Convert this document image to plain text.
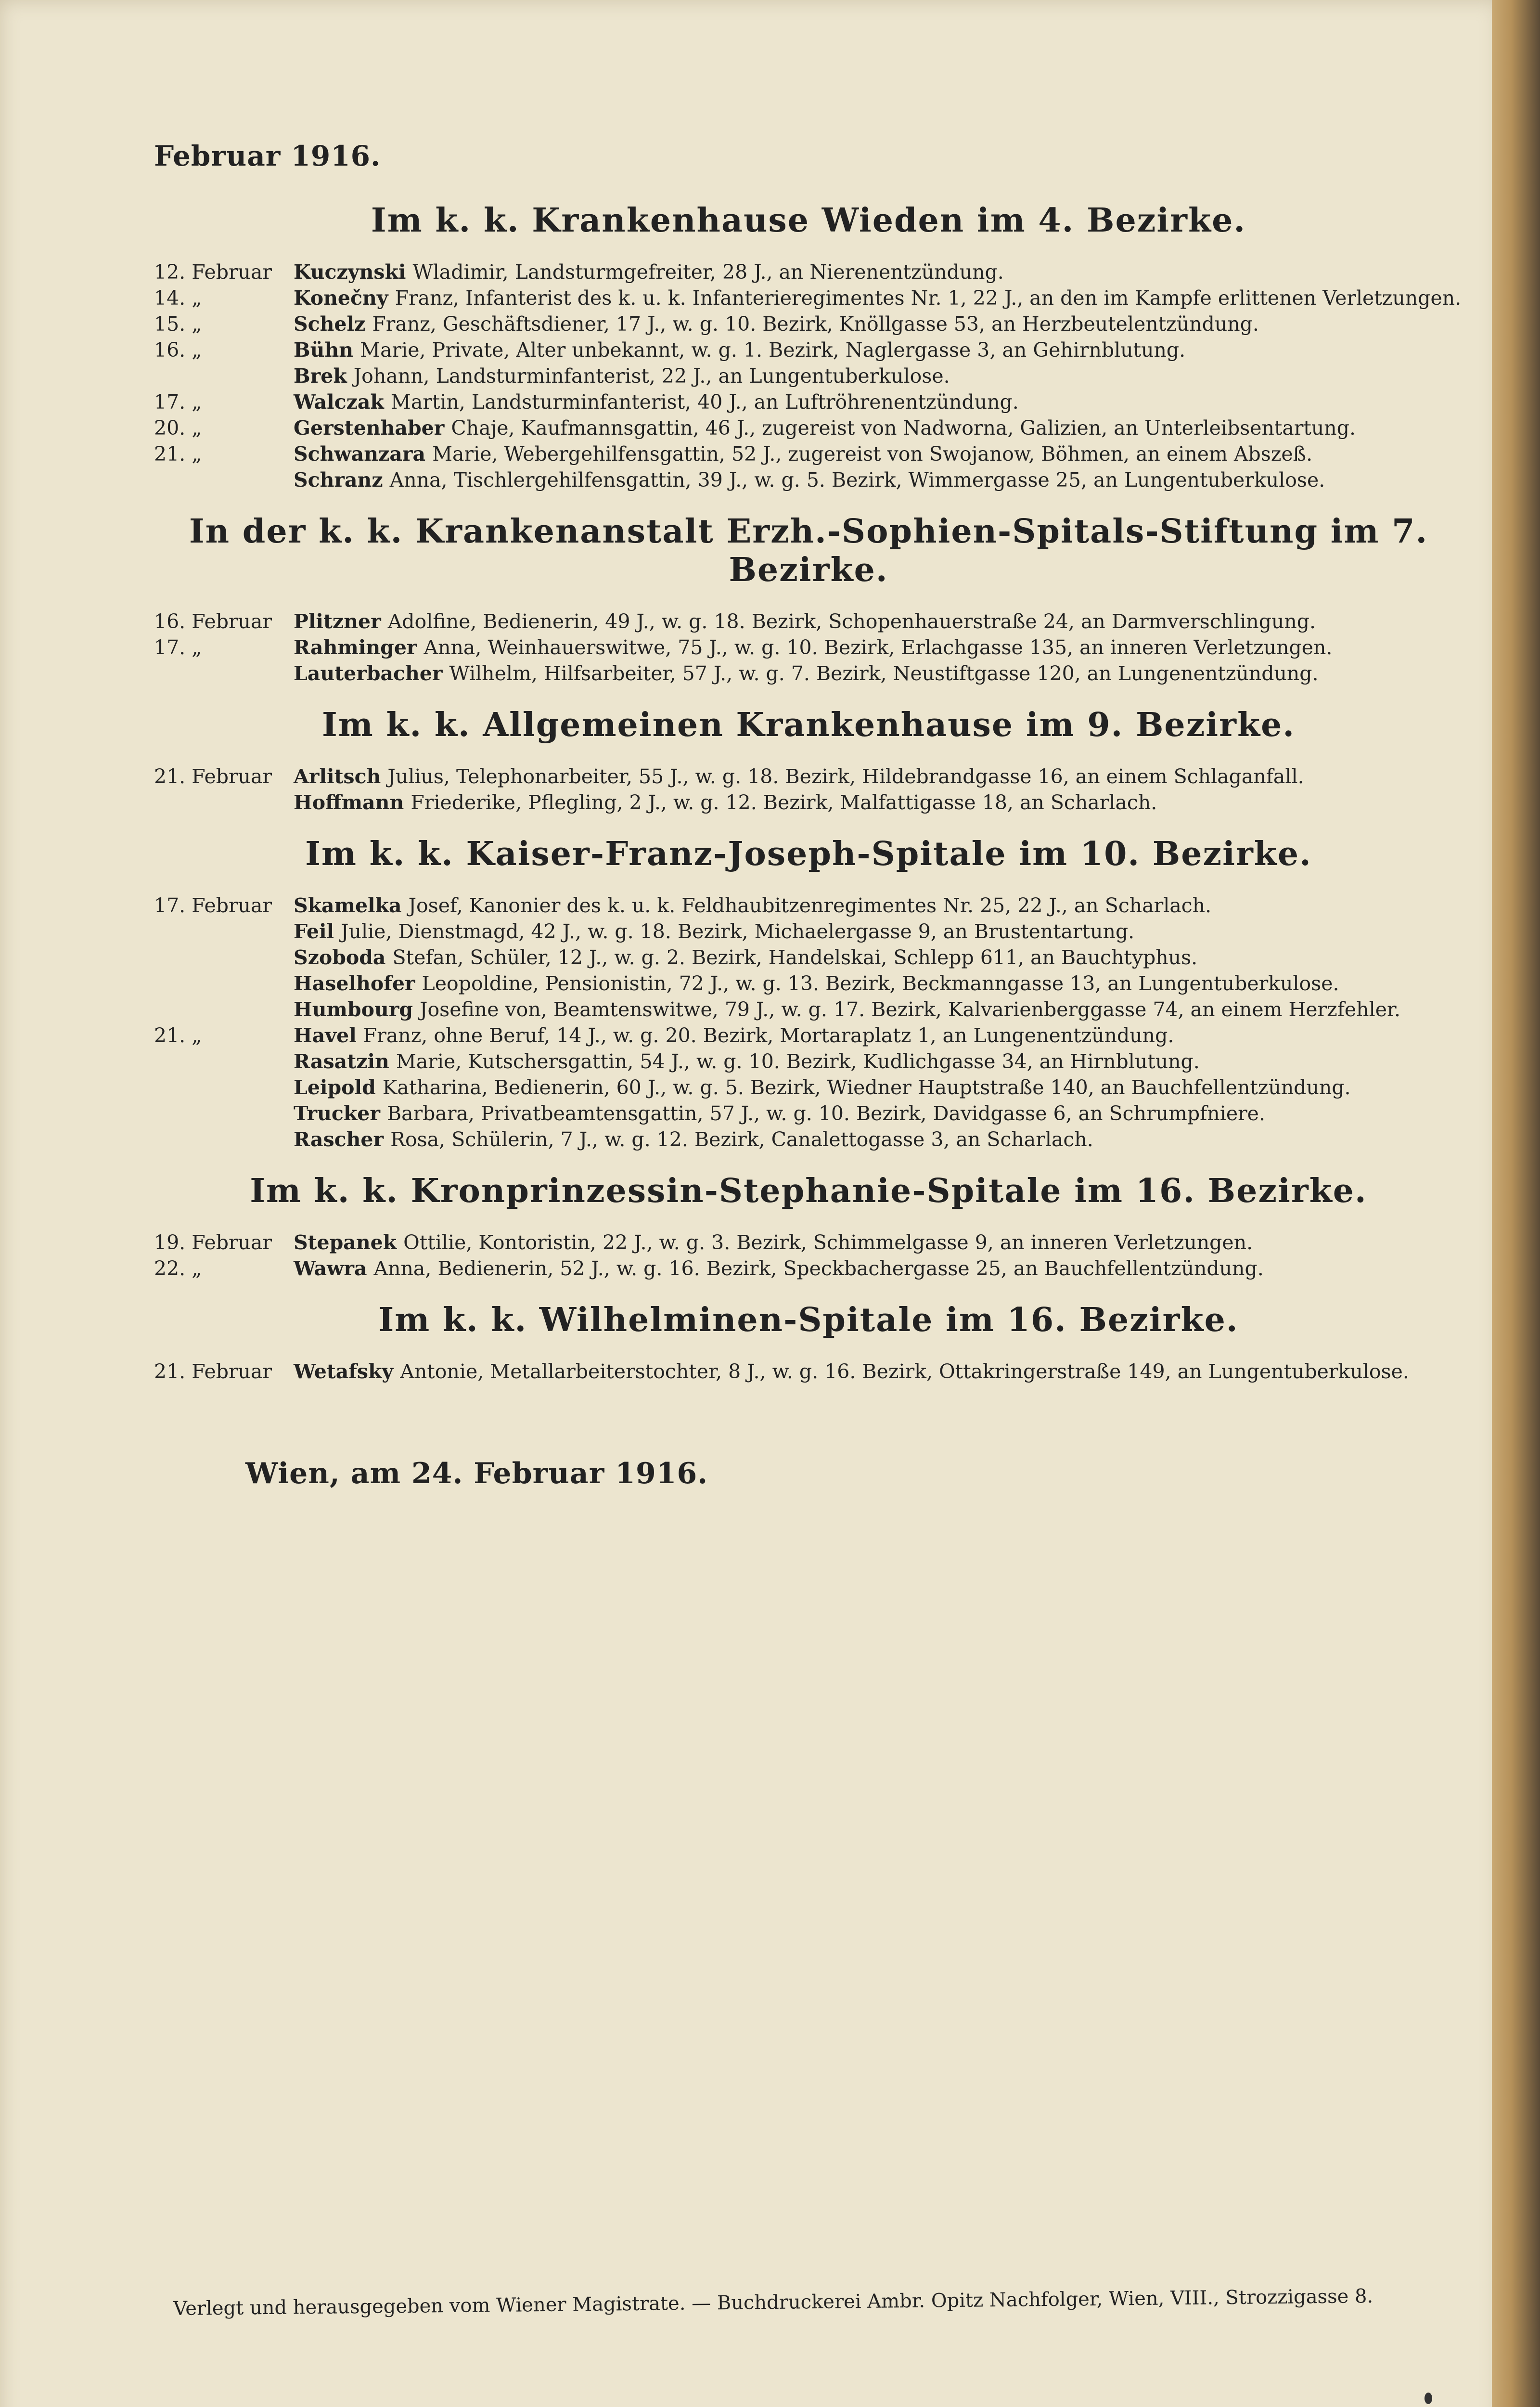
Februar 1916.
Im k. k. Krankenhause Wieden im 4. Bezirke.
12. Februar	Kuczynski Wladimir, Landsturmgefreiter, 28 J., an Nierenentzündung.
14. „	Konečny Franz, Infanterist des k. u. k. Infanterieregimentes Nr. 1, 22 J., an den im Kampfe erlittenen Verletzungen.
15. „	Schelz Franz, Geschäftsdiener, 17 J., w. g. 10. Bezirk, Knöllgasse 53, an Herzbeutelentzündung.
16. „	Bühn Marie, Private, Alter unbekannt, w. g. 1. Bezirk, Naglergasse 3, an Gehirnblutung.
Brek Johann, Landsturminfanterist, 22 J., an Lungentuberkulose.
17. „	Walczak Martin, Landsturminfanterist, 40 J., an Luftröhrenentzündung.
20. „	Gerstenhaber Chaje, Kaufmannsgattin, 46 J., zugereist von Nadworna, Galizien, an Unterleibsentartung.
21. „	Schwanzara Marie, Webergehilfensgattin, 52 J., zugereist von Swojanow, Böhmen, an einem Abszeß.
Schranz Anna, Tischlergehilfensgattin, 39 J., w. g. 5. Bezirk, Wimmergasse 25, an Lungentuberkulose.
In der k. k. Krankenanstalt Erzh.-Sophien-Spitals-Stiftung im 7. Bezirke.
16. Februar	Plitzner Adolfine, Bedienerin, 49 J., w. g. 18. Bezirk, Schopenhauerstraße 24, an Darmverschlingung.
17. „	Rahminger Anna, Weinhauerswitwe, 75 J., w. g. 10. Bezirk, Erlachgasse 135, an inneren Verletzungen.
Lauterbacher Wilhelm, Hilfsarbeiter, 57 J., w. g. 7. Bezirk, Neustiftgasse 120, an Lungenentzündung.
Im k. k. Allgemeinen Krankenhause im 9. Bezirke.
21. Februar	Arlitsch Julius, Telephonarbeiter, 55 J., w. g. 18. Bezirk, Hildebrandgasse 16, an einem Schlaganfall.
Hoffmann Friederike, Pflegling, 2 J., w. g. 12. Bezirk, Malfattigasse 18, an Scharlach.
Im k. k. Kaiser-Franz-Joseph-Spitale im 10. Bezirke.
17. Februar	Skamelka Josef, Kanonier des k. u. k. Feldhaubitzenregimentes Nr. 25, 22 J., an Scharlach.
Feil Julie, Dienstmagd, 42 J., w. g. 18. Bezirk, Michaelergasse 9, an Brustentartung.
Szoboda Stefan, Schüler, 12 J., w. g. 2. Bezirk, Handelskai, Schlepp 611, an Bauchtyphus.
Haselhofer Leopoldine, Pensionistin, 72 J., w. g. 13. Bezirk, Beckmanngasse 13, an Lungentuberkulose.
Humbourg Josefine von, Beamtenswitwe, 79 J., w. g. 17. Bezirk, Kalvarienberggasse 74, an einem Herzfehler.
21. „	Havel Franz, ohne Beruf, 14 J., w. g. 20. Bezirk, Mortaraplatz 1, an Lungenentzündung.
Rasatzin Marie, Kutschersgattin, 54 J., w. g. 10. Bezirk, Kudlichgasse 34, an Hirnblutung.
Leipold Katharina, Bedienerin, 60 J., w. g. 5. Bezirk, Wiedner Hauptstraße 140, an Bauchfellentzündung.
Trucker Barbara, Privatbeamtensgattin, 57 J., w. g. 10. Bezirk, Davidgasse 6, an Schrumpfniere.
Rascher Rosa, Schülerin, 7 J., w. g. 12. Bezirk, Canalettogasse 3, an Scharlach.
Im k. k. Kronprinzessin-Stephanie-Spitale im 16. Bezirke.
19. Februar	Stepanek Ottilie, Kontoristin, 22 J., w. g. 3. Bezirk, Schimmelgasse 9, an inneren Verletzungen.
22. „	Wawra Anna, Bedienerin, 52 J., w. g. 16. Bezirk, Speckbachergasse 25, an Bauchfellentzündung.
Im k. k. Wilhelminen-Spitale im 16. Bezirke.
21. Februar	Wetafsky Antonie, Metallarbeiterstochter, 8 J., w. g. 16. Bezirk, Ottakringerstraße 149, an Lungentuberkulose.
Wien, am 24. Februar 1916.
Verlegt und herausgegeben vom Wiener Magistrate. — Buchdruckerei Ambr. Opitz Nachfolger, Wien, VIII., Strozzigasse 8.
